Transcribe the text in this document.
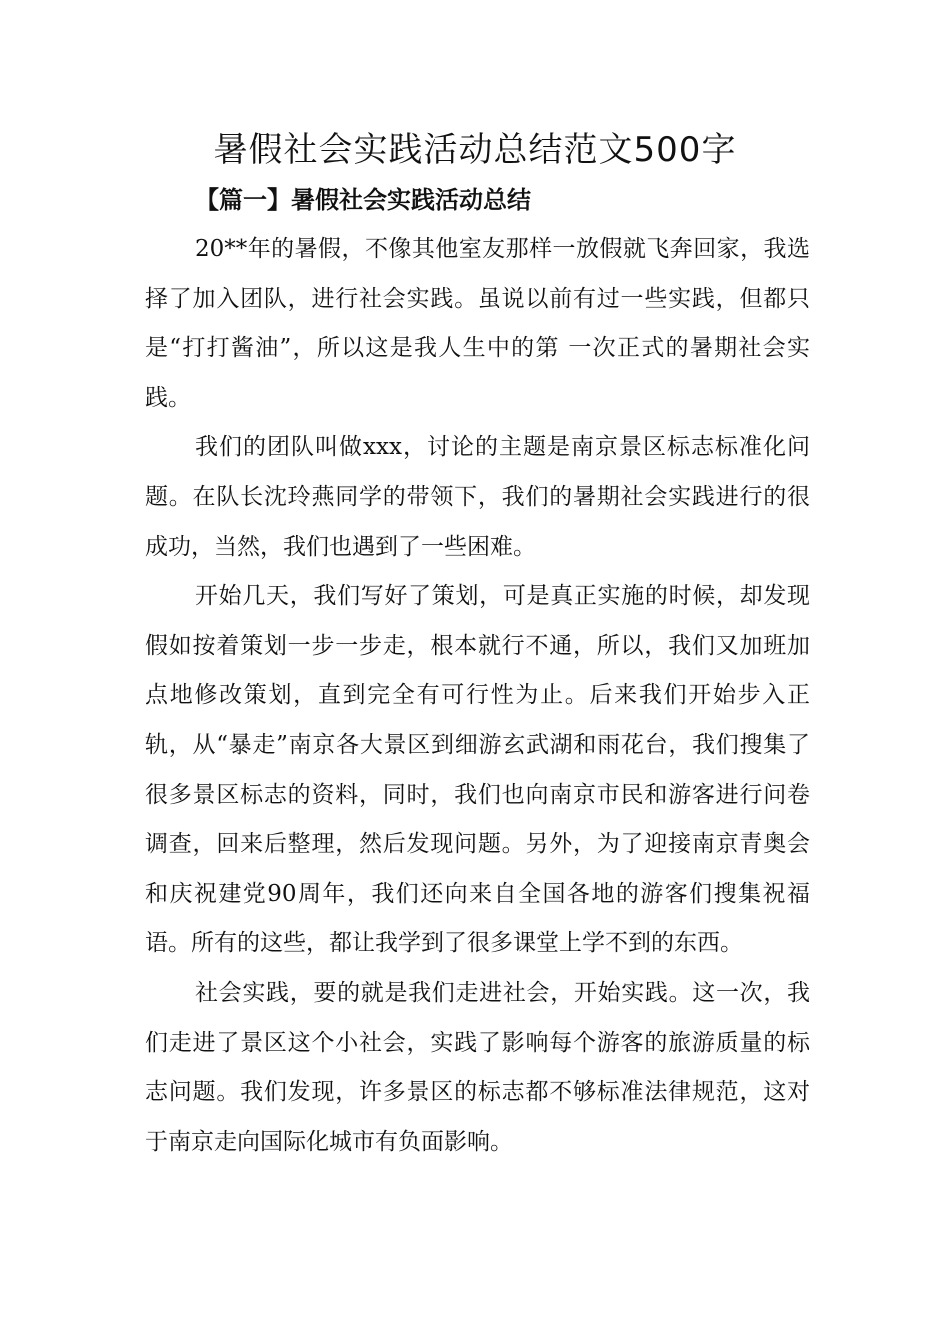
暑假社会实践活动总结范文500字
【篇一】暑假社会实践活动总结

20**年的暑假，不像其他室友那样一放假就飞奔回家，我选择了加入团队，进行社会实践。虽说以前有过一些实践，但都只是“打打酱油”，所以这是我人生中的第 一次正式的暑期社会实践。

我们的团队叫做xxx，讨论的主题是南京景区标志标准化问题。在队长沈玲燕同学的带领下，我们的暑期社会实践进行的很成功，当然，我们也遇到了一些困难。

开始几天，我们写好了策划，可是真正实施的时候，却发现假如按着策划一步一步走，根本就行不通，所以，我们又加班加点地修改策划，直到完全有可行性为止。后来我们开始步入正轨，从“暴走”南京各大景区到细游玄武湖和雨花台，我们搜集了很多景区标志的资料，同时，我们也向南京市民和游客进行问卷调查，回来后整理，然后发现问题。另外，为了迎接南京青奥会和庆祝建党90周年，我们还向来自全国各地的游客们搜集祝福语。所有的这些，都让我学到了很多课堂上学不到的东西。

社会实践，要的就是我们走进社会，开始实践。这一次，我们走进了景区这个小社会，实践了影响每个游客的旅游质量的标志问题。我们发现，许多景区的标志都不够标准法律规范，这对于南京走向国际化城市有负面影响。
